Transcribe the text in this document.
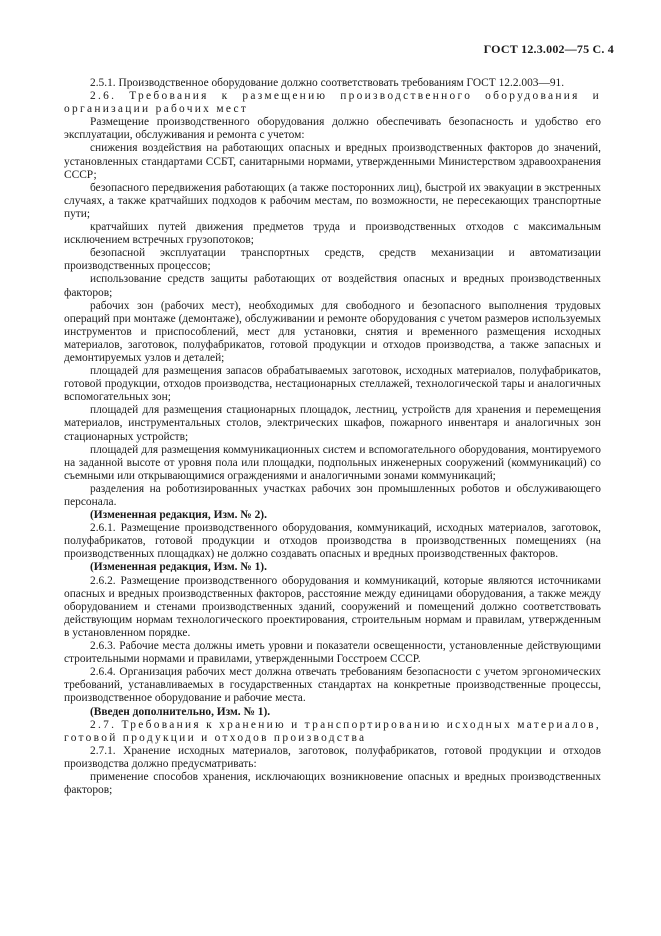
ГОСТ 12.3.002—75 С. 4

2.5.1. Производственное оборудование должно соответствовать требованиям ГОСТ 12.2.003—91.

2.6. Требования к размещению производственного оборудования и организации рабочих мест

Размещение производственного оборудования должно обеспечивать безопасность и удобство его эксплуатации, обслуживания и ремонта с учетом:

снижения воздействия на работающих опасных и вредных производственных факторов до значений, установленных стандартами ССБТ, санитарными нормами, утвержденными Министерством здравоохранения СССР;

безопасного передвижения работающих (а также посторонних лиц), быстрой их эвакуации в экстренных случаях, а также кратчайших подходов к рабочим местам, по возможности, не пересекающих транспортные пути;

кратчайших путей движения предметов труда и производственных отходов с максимальным исключением встречных грузопотоков;

безопасной эксплуатации транспортных средств, средств механизации и автоматизации производственных процессов;

использование средств защиты работающих от воздействия опасных и вредных производственных факторов;

рабочих зон (рабочих мест), необходимых для свободного и безопасного выполнения трудовых операций при монтаже (демонтаже), обслуживании и ремонте оборудования с учетом размеров используемых инструментов и приспособлений, мест для установки, снятия и временного размещения исходных материалов, заготовок, полуфабрикатов, готовой продукции и отходов производства, а также запасных и демонтируемых узлов и деталей;

площадей для размещения запасов обрабатываемых заготовок, исходных материалов, полуфабрикатов, готовой продукции, отходов производства, нестационарных стеллажей, технологической тары и аналогичных вспомогательных зон;

площадей для размещения стационарных площадок, лестниц, устройств для хранения и перемещения материалов, инструментальных столов, электрических шкафов, пожарного инвентаря и аналогичных зон стационарных устройств;

площадей для размещения коммуникационных систем и вспомогательного оборудования, монтируемого на заданной высоте от уровня пола или площадки, подпольных инженерных сооружений (коммуникаций) со съемными или открывающимися ограждениями и аналогичными зонами коммуникаций;

разделения на роботизированных участках рабочих зон промышленных роботов и обслуживающего персонала.

(Измененная редакция, Изм. № 2).

2.6.1. Размещение производственного оборудования, коммуникаций, исходных материалов, заготовок, полуфабрикатов, готовой продукции и отходов производства в производственных помещениях (на производственных площадках) не должно создавать опасных и вредных производственных факторов.

(Измененная редакция, Изм. № 1).

2.6.2. Размещение производственного оборудования и коммуникаций, которые являются источниками опасных и вредных производственных факторов, расстояние между единицами оборудования, а также между оборудованием и стенами производственных зданий, сооружений и помещений должно соответствовать действующим нормам технологического проектирования, строительным нормам и правилам, утвержденным в установленном порядке.

2.6.3. Рабочие места должны иметь уровни и показатели освещенности, установленные действующими строительными нормами и правилами, утвержденными Госстроем СССР.

2.6.4. Организация рабочих мест должна отвечать требованиям безопасности с учетом эргономических требований, устанавливаемых в государственных стандартах на конкретные производственные процессы, производственное оборудование и рабочие места.

(Введен дополнительно, Изм. № 1).

2.7. Требования к хранению и транспортированию исходных материалов, готовой продукции и отходов производства

2.7.1. Хранение исходных материалов, заготовок, полуфабрикатов, готовой продукции и отходов производства должно предусматривать:

применение способов хранения, исключающих возникновение опасных и вредных производственных факторов;
